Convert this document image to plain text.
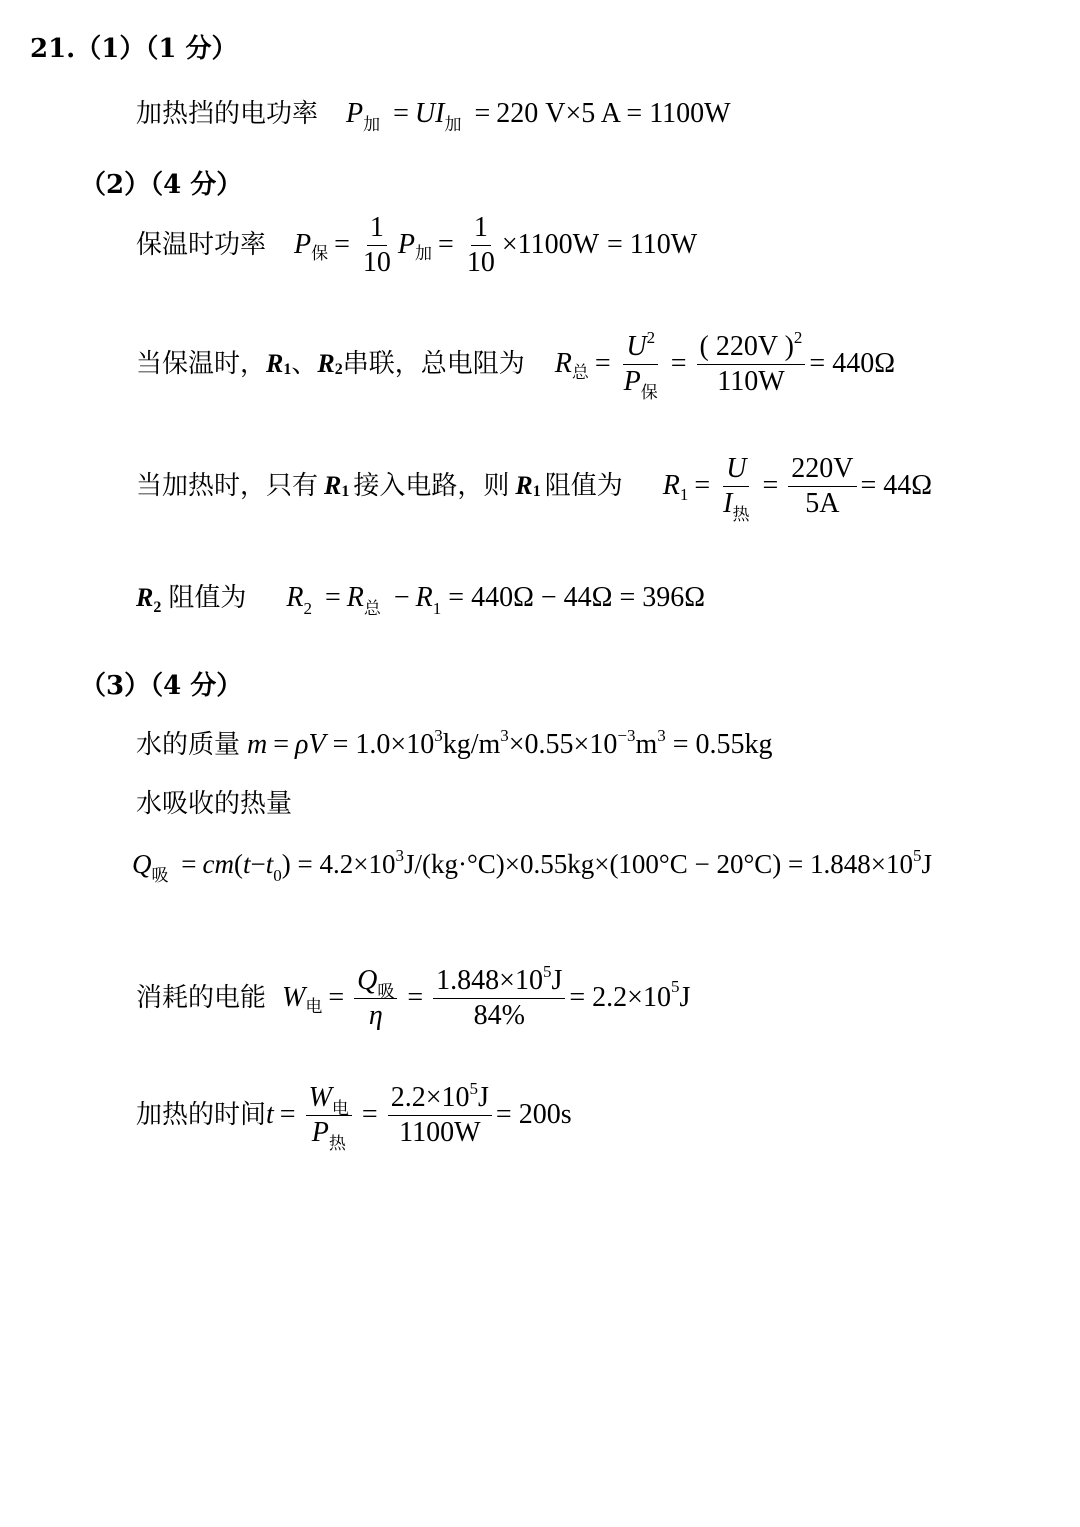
21.（1）（1 分）
加热挡的电功率 $P_加 = UI_加 = 220$ V×5 A = 1100W
（2）（4 分）
保温时功率 P 保 = $\frac{1}{10}$ P 加 = $\frac{1}{10} \times 1100W = 110W$
当保温时， R 1 、 R 2 串联，总电阻为 R 总 = $\frac{U^2}{P_保} = \frac{( 220V )^2}{110W} = 440\Omega$
当加热时，只有 R 1 接入电路，则 R 1 阻值为 R $1 = \frac{U}{I_热} = \frac{220V}{5A} = 44\Omega$
$R_2$ 阻值为 $R_2 = R_总 - R_1 = 440\Omega - 44\Omega = 396\Omega$
（3）（4 分）
水的质量 $m = \rho V = 1.0\times 10^3kg/m^3\times 0.55\times 10^{-3}m^3 = 0.55kg$
水吸收的热量
$Q_吸 = cm(t-t_0) = 4.2\times 10^3J/(kg\cdot^\circ C)\times 0.55kg\times(100^\circ C - 20^\circ C) = 1.848\times 10^5J$
消耗的电能 W 电 = $\frac{Q_吸}{\eta} = \frac{1.848\times 10^5J}{84\%} = 2.2\times 10$ 5 J
加热的时间 $t = \frac{W_电}{P_热} = \frac{2.2\times 10^5J}{1100W} = 200s$
